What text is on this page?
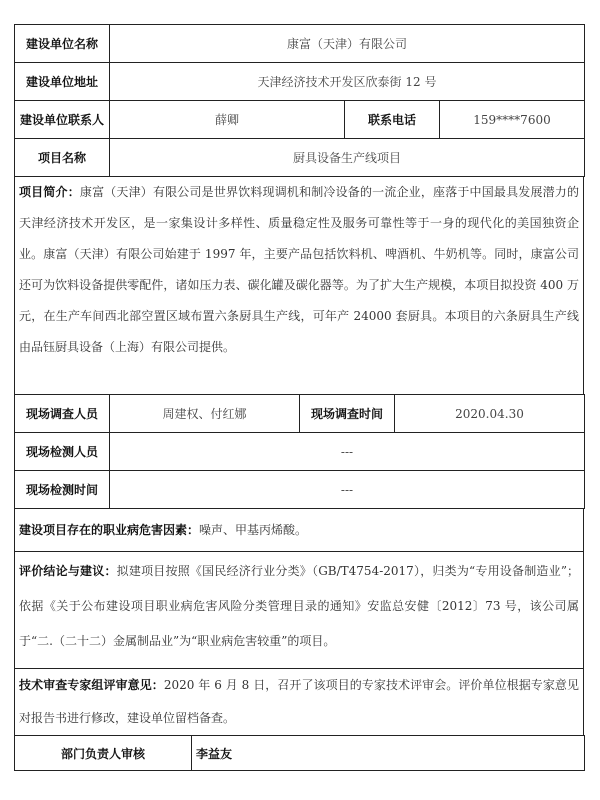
建设单位名称	康富（天津）有限公司		
建设单位地址	天津经济技术开发区欣泰街 12 号		
建设单位联系人	薛卿	联系电话	159****7600
项目名称	厨具设备生产线项目		
项目简介：康富（天津）有限公司是世界饮料现调机和制冷设备的一流企业，座落于中国最具发展潜力的天津经济技术开发区，是一家集设计多样性、质量稳定性及服务可靠性等于一身的现代化的美国独资企业。康富（天津）有限公司始建于 1997 年，主要产品包括饮料机、啤酒机、牛奶机等。同时，康富公司还可为饮料设备提供零配件，诸如压力表、碳化罐及碳化器等。为了扩大生产规模，本项目拟投资 400 万元，在生产车间西北部空置区域布置六条厨具生产线，可年产 24000 套厨具。本项目的六条厨具生产线由品钰厨具设备（上海）有限公司提供。
现场调查人员	周建权、付红娜	现场调查时间	2020.04.30
现场检测人员	---		
现场检测时间	---		
建设项目存在的职业病危害因素：噪声、甲基丙烯酸。
评价结论与建议：拟建项目按照《国民经济行业分类》（GB/T4754-2017），归类为“专用设备制造业”；依据《关于公布建设项目职业病危害风险分类管理目录的通知》安监总安健〔2012〕73 号，该公司属于“二.（二十二）金属制品业”为“职业病危害较重”的项目。
技术审查专家组评审意见：2020 年 6 月 8 日，召开了该项目的专家技术评审会。评价单位根据专家意见对报告书进行修改，建设单位留档备查。
部门负责人审核	李益友
